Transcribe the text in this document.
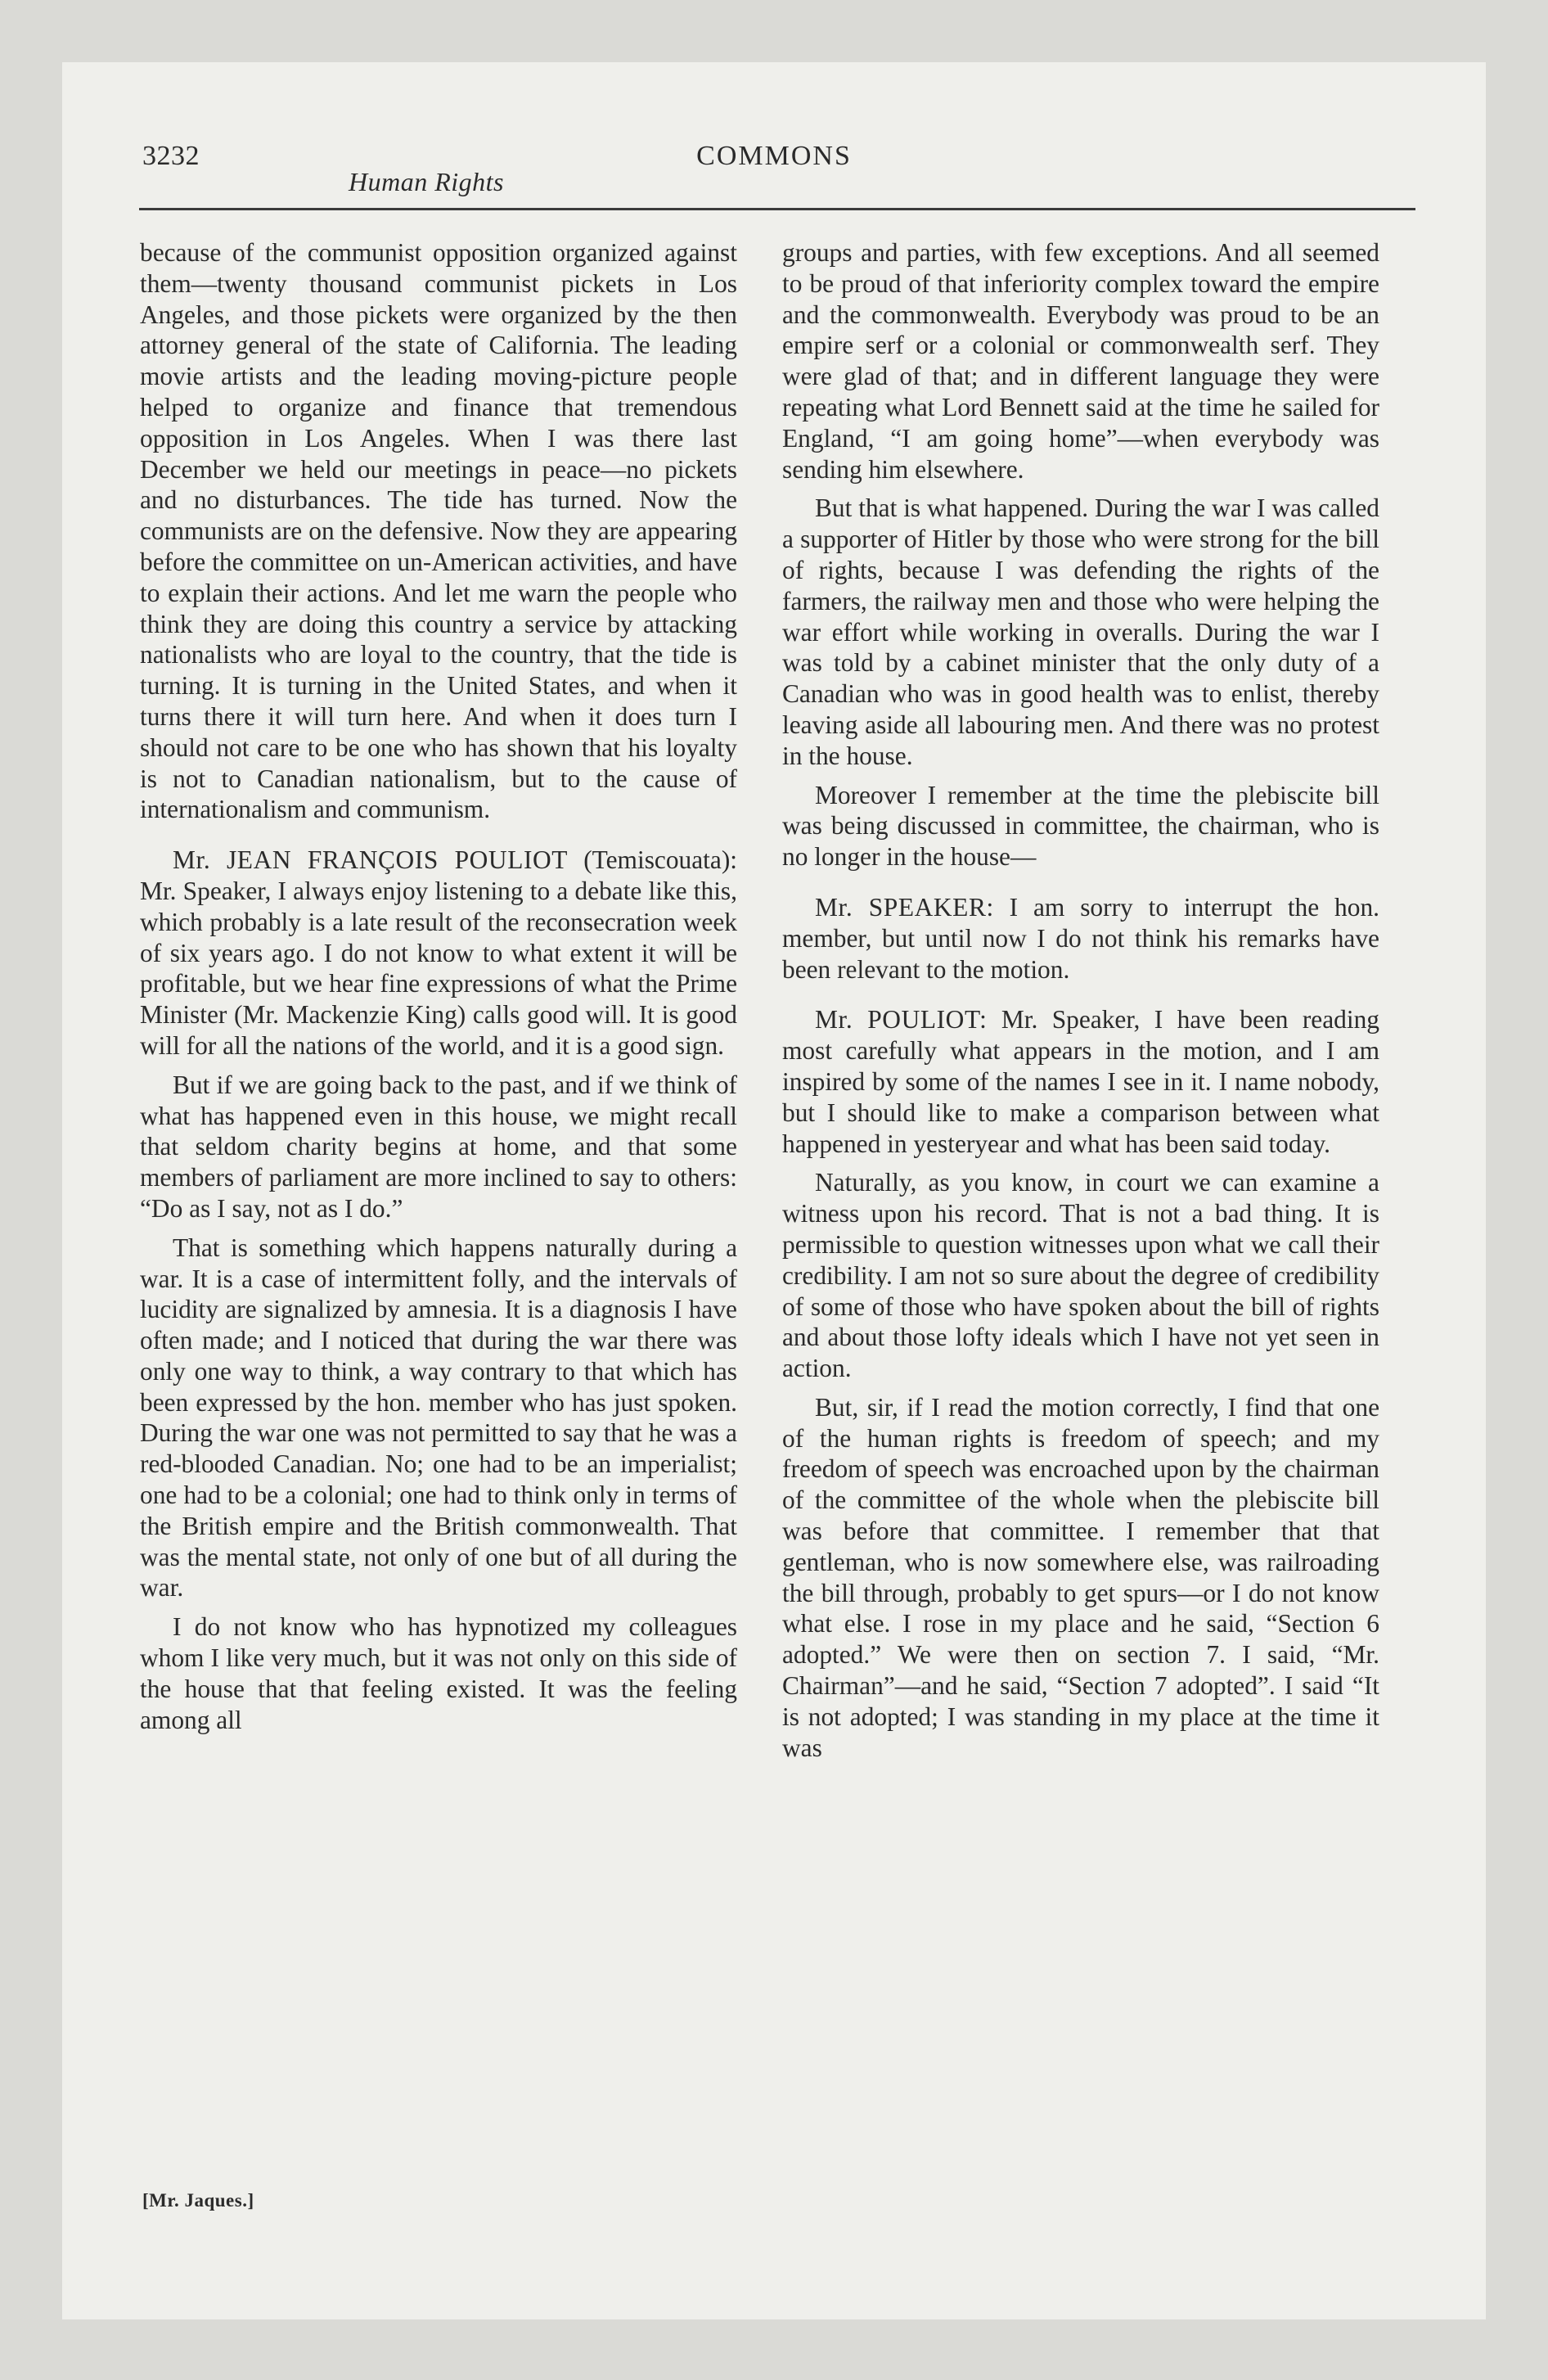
3232	COMMONS
Human Rights

because of the communist opposition organized against them—twenty thousand communist pickets in Los Angeles, and those pickets were organized by the then attorney general of the state of California. The leading movie artists and the leading moving-picture people helped to organize and finance that tremendous opposition in Los Angeles. When I was there last December we held our meetings in peace—no pickets and no disturbances. The tide has turned. Now the communists are on the defensive. Now they are appearing before the committee on un-American activities, and have to explain their actions. And let me warn the people who think they are doing this country a service by attacking nationalists who are loyal to the country, that the tide is turning. It is turning in the United States, and when it turns there it will turn here. And when it does turn I should not care to be one who has shown that his loyalty is not to Canadian nationalism, but to the cause of internationalism and communism.

Mr. JEAN FRANÇOIS POULIOT (Temiscouata): Mr. Speaker, I always enjoy listening to a debate like this, which probably is a late result of the reconsecration week of six years ago. I do not know to what extent it will be profitable, but we hear fine expressions of what the Prime Minister (Mr. Mackenzie King) calls good will. It is good will for all the nations of the world, and it is a good sign.

But if we are going back to the past, and if we think of what has happened even in this house, we might recall that seldom charity begins at home, and that some members of parliament are more inclined to say to others: “Do as I say, not as I do.”

That is something which happens naturally during a war. It is a case of intermittent folly, and the intervals of lucidity are signalized by amnesia. It is a diagnosis I have often made; and I noticed that during the war there was only one way to think, a way contrary to that which has been expressed by the hon. member who has just spoken. During the war one was not permitted to say that he was a red-blooded Canadian. No; one had to be an imperialist; one had to be a colonial; one had to think only in terms of the British empire and the British commonwealth. That was the mental state, not only of one but of all during the war.

I do not know who has hypnotized my colleagues whom I like very much, but it was not only on this side of the house that that feeling existed. It was the feeling among all

groups and parties, with few exceptions. And all seemed to be proud of that inferiority complex toward the empire and the commonwealth. Everybody was proud to be an empire serf or a colonial or commonwealth serf. They were glad of that; and in different language they were repeating what Lord Bennett said at the time he sailed for England, “I am going home”—when everybody was sending him elsewhere.

But that is what happened. During the war I was called a supporter of Hitler by those who were strong for the bill of rights, because I was defending the rights of the farmers, the railway men and those who were helping the war effort while working in overalls. During the war I was told by a cabinet minister that the only duty of a Canadian who was in good health was to enlist, thereby leaving aside all labouring men. And there was no protest in the house.

Moreover I remember at the time the plebiscite bill was being discussed in committee, the chairman, who is no longer in the house—

Mr. SPEAKER: I am sorry to interrupt the hon. member, but until now I do not think his remarks have been relevant to the motion.

Mr. POULIOT: Mr. Speaker, I have been reading most carefully what appears in the motion, and I am inspired by some of the names I see in it. I name nobody, but I should like to make a comparison between what happened in yesteryear and what has been said today.

Naturally, as you know, in court we can examine a witness upon his record. That is not a bad thing. It is permissible to question witnesses upon what we call their credibility. I am not so sure about the degree of credibility of some of those who have spoken about the bill of rights and about those lofty ideals which I have not yet seen in action.

But, sir, if I read the motion correctly, I find that one of the human rights is freedom of speech; and my freedom of speech was encroached upon by the chairman of the committee of the whole when the plebiscite bill was before that committee. I remember that that gentleman, who is now somewhere else, was railroading the bill through, probably to get spurs—or I do not know what else. I rose in my place and he said, “Section 6 adopted.” We were then on section 7. I said, “Mr. Chairman”—and he said, “Section 7 adopted”. I said “It is not adopted; I was standing in my place at the time it was

[Mr. Jaques.]
